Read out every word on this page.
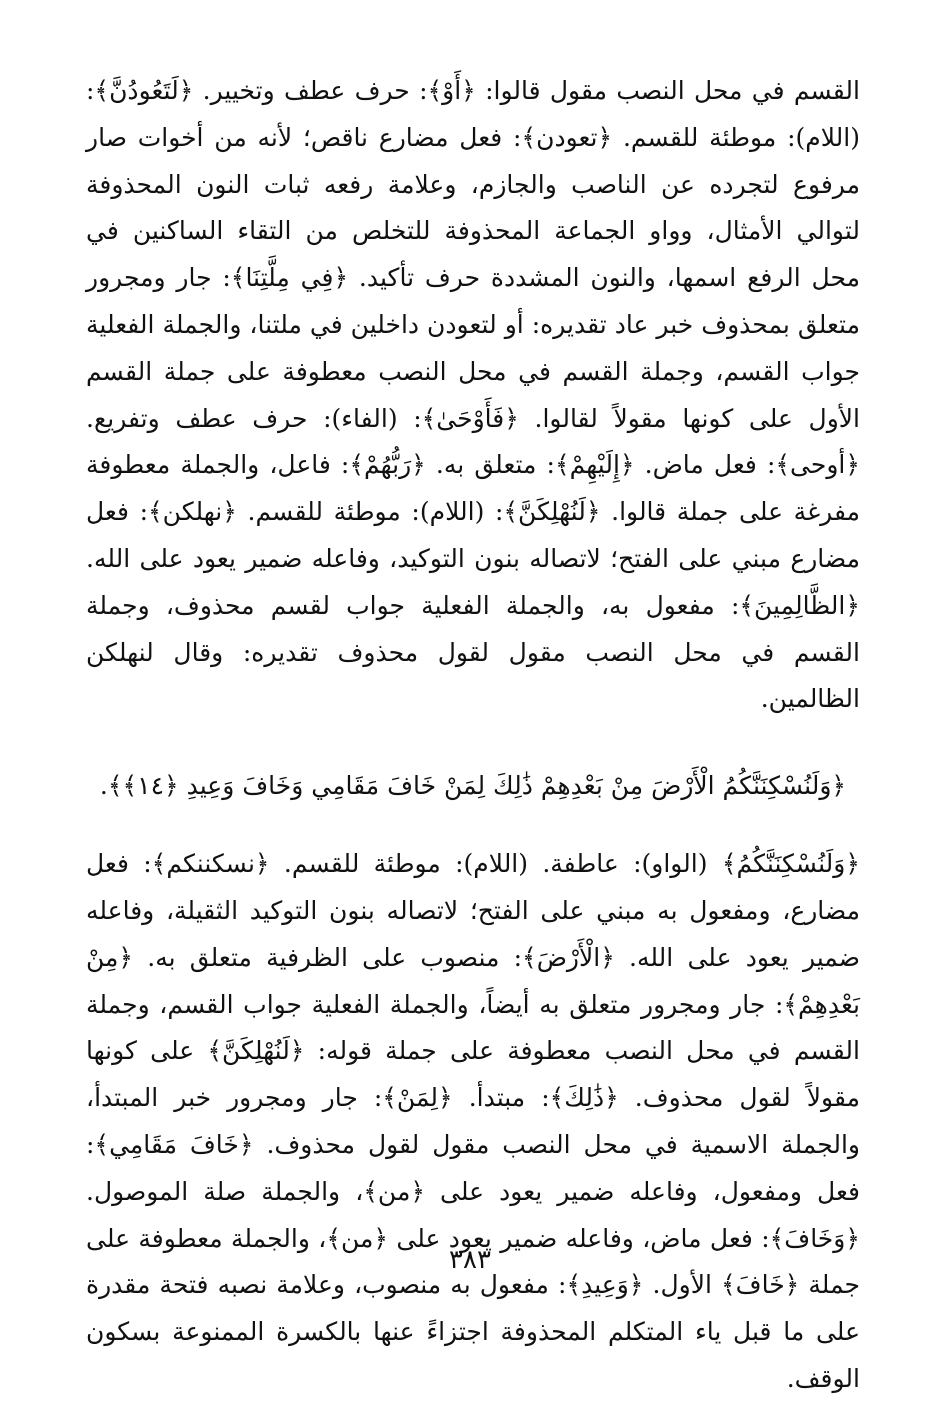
القسم في محل النصب مقول قالوا: ﴿أَوْ﴾: حرف عطف وتخيير. ﴿لَتَعُودُنَّ﴾: (اللام): موطئة للقسم. ﴿تعودن﴾: فعل مضارع ناقص؛ لأنه من أخوات صار مرفوع لتجرده عن الناصب والجازم، وعلامة رفعه ثبات النون المحذوفة لتوالي الأمثال، وواو الجماعة المحذوفة للتخلص من التقاء الساكنين في محل الرفع اسمها، والنون المشددة حرف تأكيد. ﴿فِي مِلَّتِنَا﴾: جار ومجرور متعلق بمحذوف خبر عاد تقديره: أو لتعودن داخلين في ملتنا، والجملة الفعلية جواب القسم، وجملة القسم في محل النصب معطوفة على جملة القسم الأول على كونها مقولاً لقالوا. ﴿فَأَوْحَىٰ﴾: (الفاء): حرف عطف وتفريع. ﴿أوحى﴾: فعل ماض. ﴿إِلَيْهِمْ﴾: متعلق به. ﴿رَبُّهُمْ﴾: فاعل، والجملة معطوفة مفرغة على جملة قالوا. ﴿لَنُهْلِكَنَّ﴾: (اللام): موطئة للقسم. ﴿نهلكن﴾: فعل مضارع مبني على الفتح؛ لاتصاله بنون التوكيد، وفاعله ضمير يعود على الله. ﴿الظَّالِمِينَ﴾: مفعول به، والجملة الفعلية جواب لقسم محذوف، وجملة القسم في محل النصب مقول لقول محذوف تقديره: وقال لنهلكن الظالمين.

﴿وَلَنُسْكِنَنَّكُمُ الْأَرْضَ مِنْ بَعْدِهِمْ ذَٰلِكَ لِمَنْ خَافَ مَقَامِي وَخَافَ وَعِيدِ ﴿١٤﴾﴾.

﴿وَلَنُسْكِنَنَّكُمُ﴾ (الواو): عاطفة. (اللام): موطئة للقسم. ﴿نسكننكم﴾: فعل مضارع، ومفعول به مبني على الفتح؛ لاتصاله بنون التوكيد الثقيلة، وفاعله ضمير يعود على الله. ﴿الْأَرْضَ﴾: منصوب على الظرفية متعلق به. ﴿مِنْ بَعْدِهِمْ﴾: جار ومجرور متعلق به أيضاً، والجملة الفعلية جواب القسم، وجملة القسم في محل النصب معطوفة على جملة قوله: ﴿لَنُهْلِكَنَّ﴾ على كونها مقولاً لقول محذوف. ﴿ذَٰلِكَ﴾: مبتدأ. ﴿لِمَنْ﴾: جار ومجرور خبر المبتدأ، والجملة الاسمية في محل النصب مقول لقول محذوف. ﴿خَافَ مَقَامِي﴾: فعل ومفعول، وفاعله ضمير يعود على ﴿من﴾، والجملة صلة الموصول. ﴿وَخَافَ﴾: فعل ماض، وفاعله ضمير يعود على ﴿من﴾، والجملة معطوفة على جملة ﴿خَافَ﴾ الأول. ﴿وَعِيدِ﴾: مفعول به منصوب، وعلامة نصبه فتحة مقدرة على ما قبل ياء المتكلم المحذوفة اجتزاءً عنها بالكسرة الممنوعة بسكون الوقف.

٣٨٣
